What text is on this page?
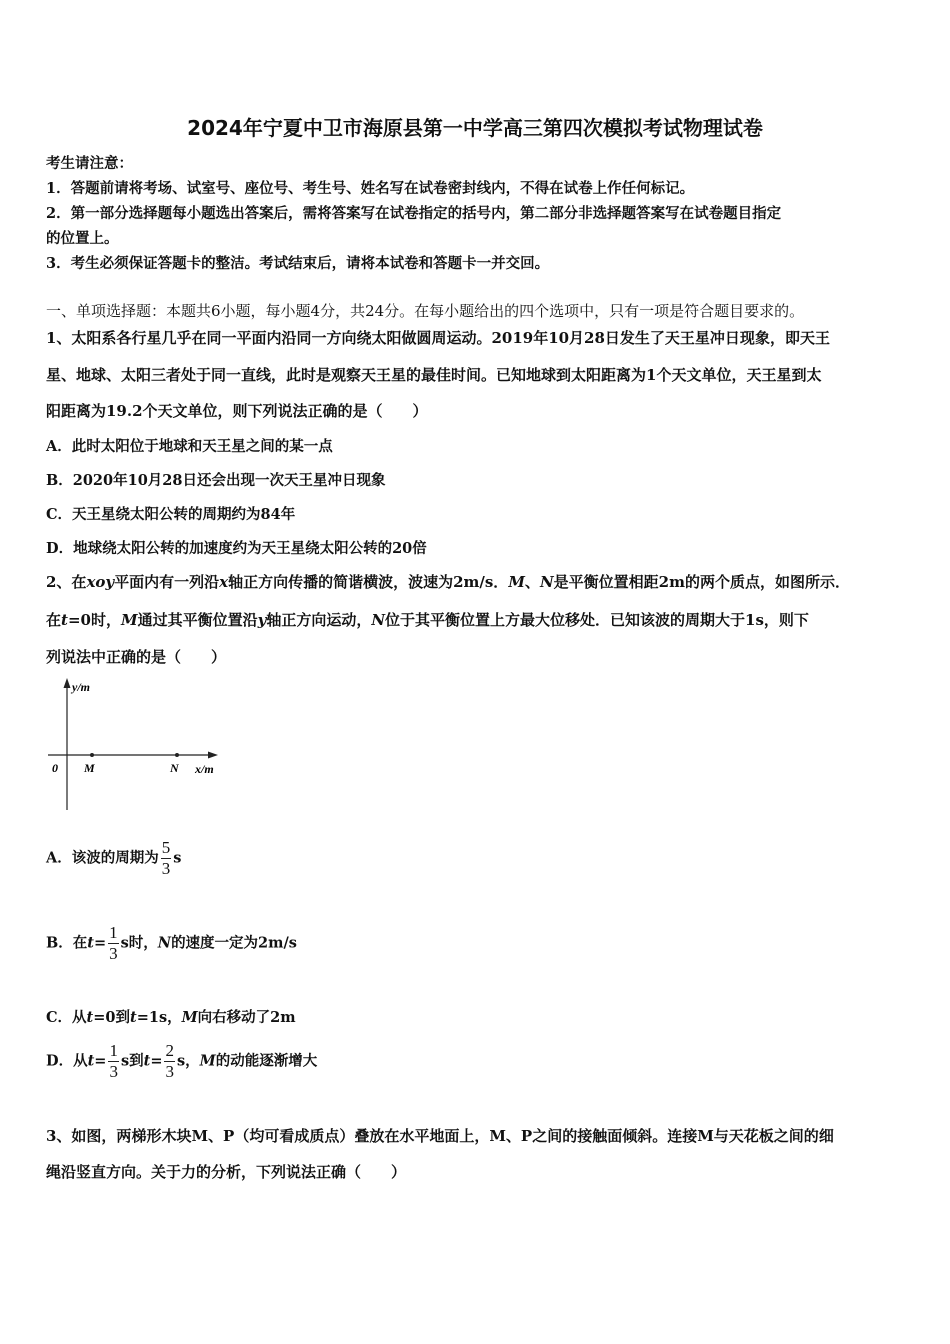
2024年宁夏中卫市海原县第一中学高三第四次模拟考试物理试卷
考生请注意：
1．答题前请将考场、试室号、座位号、考生号、姓名写在试卷密封线内，不得在试卷上作任何标记。
2．第一部分选择题每小题选出答案后，需将答案写在试卷指定的括号内，第二部分非选择题答案写在试卷题目指定
的位置上。
3．考生必须保证答题卡的整洁。考试结束后，请将本试卷和答题卡一并交回。
一、单项选择题：本题共6小题，每小题4分，共24分。在每小题给出的四个选项中，只有一项是符合题目要求的。
1、太阳系各行星几乎在同一平面内沿同一方向绕太阳做圆周运动。2019年10月28日发生了天王星冲日现象，即天王
星、地球、太阳三者处于同一直线，此时是观察天王星的最佳时间。已知地球到太阳距离为1个天文单位，天王星到太
阳距离为19.2个天文单位，则下列说法正确的是（　　）
A．此时太阳位于地球和天王星之间的某一点
B．2020年10月28日还会出现一次天王星冲日现象
C．天王星绕太阳公转的周期约为84年
D．地球绕太阳公转的加速度约为天王星绕太阳公转的20倍
2、在xoy平面内有一列沿x轴正方向传播的简谐横波，波速为2m/s．M、N是平衡位置相距2m的两个质点，如图所示．
在t=0时，M通过其平衡位置沿y轴正方向运动，N位于其平衡位置上方最大位移处．已知该波的周期大于1s，则下
列说法中正确的是（　　）
y/m
x/m
0 M	N
A．该波的周期为 $\frac{5}{3}$ s
B．在$t= \frac{1}{3}$ s时，N的速度一定为2m/s
C．从t=0到t=1s，M向右移动了2m
D．从$t= \frac{1}{3}$ s到$t= \frac{2}{3}$ s，M的动能逐渐增大
3、如图，两梯形木块M、P（均可看成质点）叠放在水平地面上，M、P之间的接触面倾斜。连接M与天花板之间的细
绳沿竖直方向。关于力的分析，下列说法正确（　　）
